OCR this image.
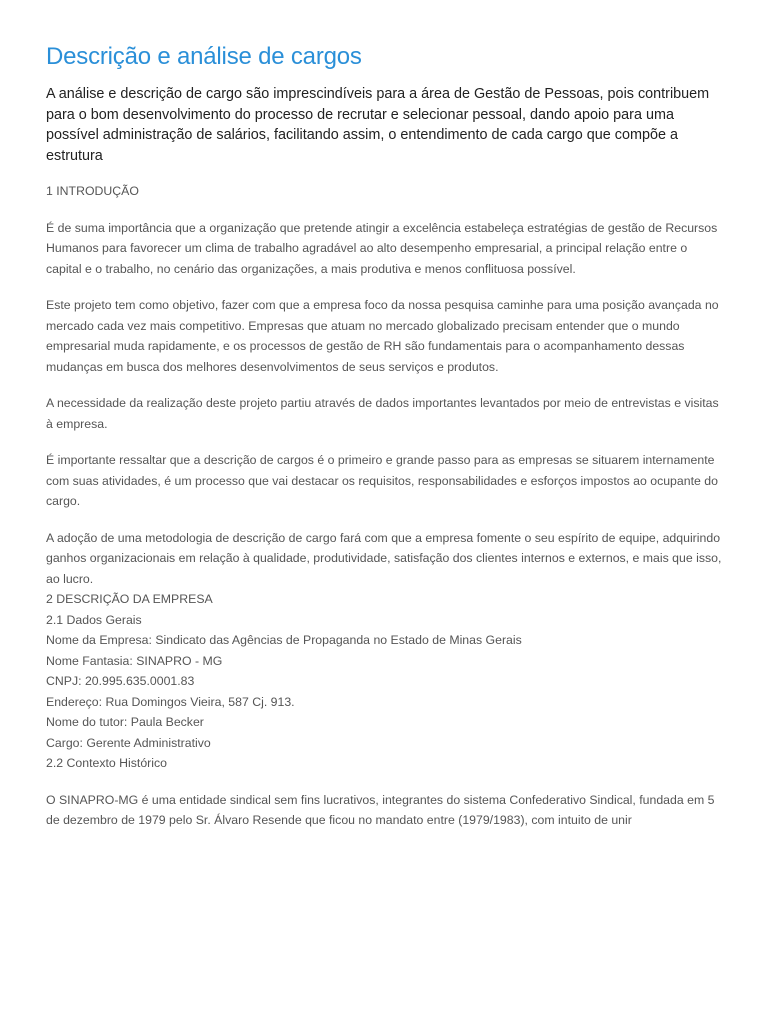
Descrição e análise de cargos

A análise e descrição de cargo são imprescindíveis para a área de Gestão de Pessoas, pois contribuem para o bom desenvolvimento do processo de recrutar e selecionar pessoal, dando apoio para uma possível administração de salários, facilitando assim, o entendimento de cada cargo que compõe a estrutura

1 INTRODUÇÃO

É de suma importância que a organização que pretende atingir a excelência estabeleça estratégias de gestão de Recursos Humanos para favorecer um clima de trabalho agradável ao alto desempenho empresarial, a principal relação entre o capital e o trabalho, no cenário das organizações, a mais produtiva e menos conflituosa possível.

Este projeto tem como objetivo, fazer com que a empresa foco da nossa pesquisa caminhe para uma posição avançada no mercado cada vez mais competitivo. Empresas que atuam no mercado globalizado precisam entender que o mundo empresarial muda rapidamente, e os processos de gestão de RH são fundamentais para o acompanhamento dessas mudanças em busca dos melhores desenvolvimentos de seus serviços e produtos.

A necessidade da realização deste projeto partiu através de dados importantes levantados por meio de entrevistas e visitas à empresa.

É importante ressaltar que a descrição de cargos é o primeiro e grande passo para as empresas se situarem internamente com suas atividades, é um processo que vai destacar os requisitos, responsabilidades e esforços impostos ao ocupante do cargo.

A adoção de uma metodologia de descrição de cargo fará com que a empresa fomente o seu espírito de equipe, adquirindo ganhos organizacionais em relação à qualidade, produtividade, satisfação dos clientes internos e externos, e mais que isso, ao lucro.

2 DESCRIÇÃO DA EMPRESA

2.1 Dados Gerais

Nome da Empresa: Sindicato das Agências de Propaganda no Estado de Minas Gerais

Nome Fantasia: SINAPRO - MG

CNPJ: 20.995.635.0001.83

Endereço: Rua Domingos Vieira, 587 Cj. 913.

Nome do tutor: Paula Becker

Cargo: Gerente Administrativo

2.2 Contexto Histórico

O SINAPRO-MG é uma entidade sindical sem fins lucrativos, integrantes do sistema Confederativo Sindical, fundada em 5 de dezembro de 1979 pelo Sr. Álvaro Resende que ficou no mandato entre (1979/1983), com intuito de unir
